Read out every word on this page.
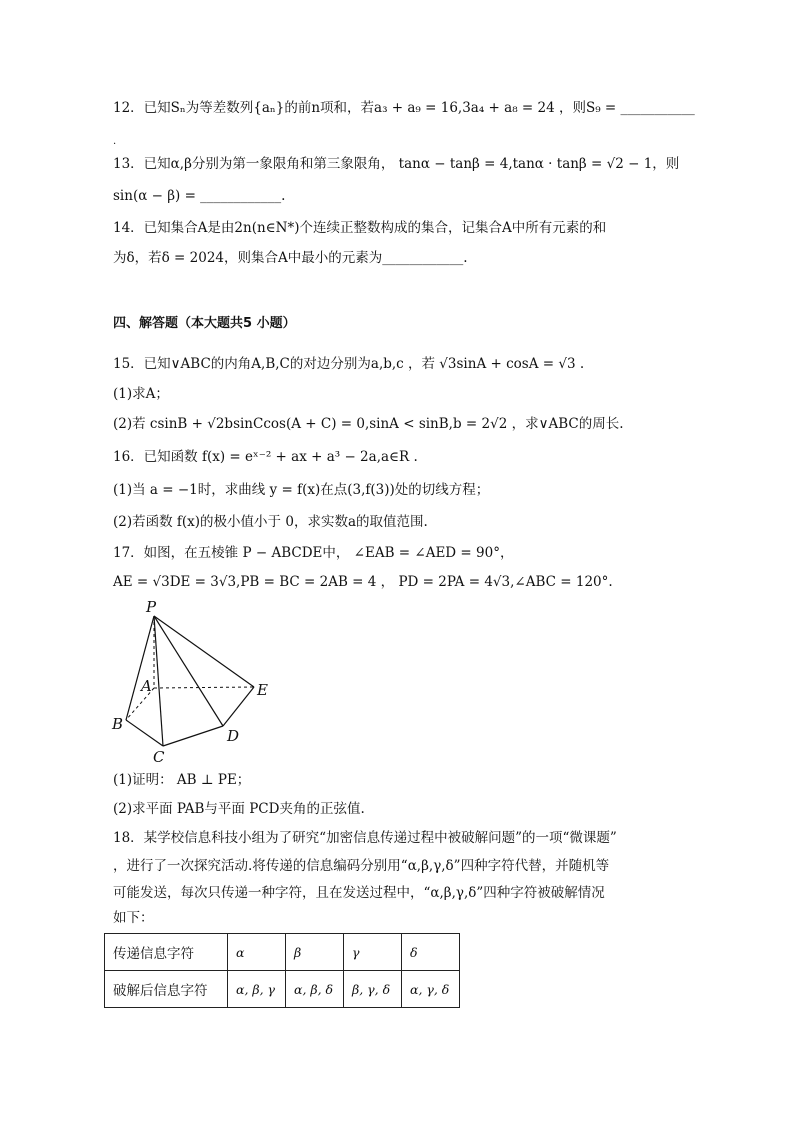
12．已知Sₙ为等差数列{aₙ}的前n项和，若a₃ + a₉ = 16,3a₄ + a₈ = 24 ，则S₉ = ___________
.
13．已知α,β分别为第一象限角和第三象限角， tanα − tanβ = 4,tanα · tanβ = √2 − 1，则
sin(α − β) = ____________.
14．已知集合A是由2n(n∈N*)个连续正整数构成的集合，记集合A中所有元素的和
为δ，若δ = 2024，则集合A中最小的元素为____________.
四、解答题（本大题共5 小题）
15．已知∨ABC的内角A,B,C的对边分别为a,b,c ，若 √3sinA + cosA = √3 .
(1)求A；
(2)若 csinB + √2bsinCcos(A + C) = 0,sinA < sinB,b = 2√2 ，求∨ABC的周长.
16．已知函数 f(x) = eˣ⁻² + ax + a³ − 2a,a∈R .
(1)当 a = −1时，求曲线 y = f(x)在点(3,f(3))处的切线方程；
(2)若函数 f(x)的极小值小于 0，求实数a的取值范围.
17．如图，在五棱锥 P − ABCDE中， ∠EAB = ∠AED = 90°，
AE = √3DE = 3√3,PB = BC = 2AB = 4 ， PD = 2PA = 4√3,∠ABC = 120°.
P
A
B
C
D
E
(1)证明： AB ⊥ PE；
(2)求平面 PAB与平面 PCD夹角的正弦值.
18．某学校信息科技小组为了研究“加密信息传递过程中被破解问题”的一项“微课题”
，进行了一次探究活动.将传递的信息编码分别用“α,β,γ,δ”四种字符代替，并随机等
可能发送，每次只传递一种字符，且在发送过程中，“α,β,γ,δ”四种字符被破解情况
如下：
传递信息字符	α	β	γ	δ
破解后信息字符	α, β, γ	α, β, δ	β, γ, δ	α, γ, δ
